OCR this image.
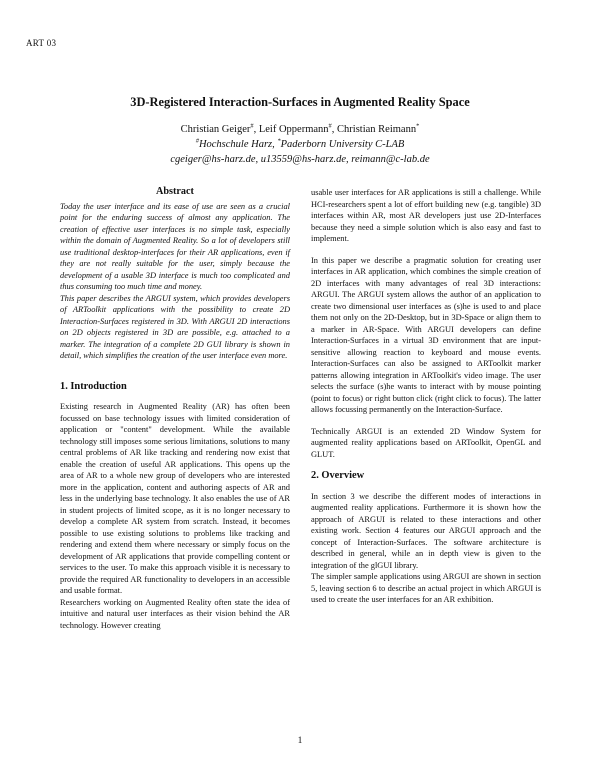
ART 03
3D-Registered Interaction-Surfaces in Augmented Reality Space
Christian Geiger#, Leif Oppermann#, Christian Reimann*
#Hochschule Harz, *Paderborn University C-LAB
cgeiger@hs-harz.de, u13559@hs-harz.de, reimann@c-lab.de
Abstract

Today the user interface and its ease of use are seen as a crucial point for the enduring success of almost any application. The creation of effective user interfaces is no simple task, especially within the domain of Augmented Reality. So a lot of developers still use traditional desktop-interfaces for their AR applications, even if they are not really suitable for the user, simply because the development of a usable 3D interface is much too complicated and thus consuming too much time and money.

This paper describes the ARGUI system, which provides developers of ARToolkit applications with the possibility to create 2D Interaction-Surfaces registered in 3D. With ARGUI 2D interactions on 2D objects registered in 3D are possible, e.g. attached to a marker. The integration of a complete 2D GUI library is shown in detail, which simplifies the creation of the user interface even more.

1. Introduction

Existing research in Augmented Reality (AR) has often been focussed on base technology issues with limited consideration of application or "content" development. While the available technology still imposes some serious limitations, solutions to many central problems of AR like tracking and rendering now exist that enable the creation of useful AR applications. This opens up the area of AR to a whole new group of developers who are interested more in the application, content and authoring aspects of AR and less in the underlying base technology. It also enables the use of AR in student projects of limited scope, as it is no longer necessary to develop a complete AR system from scratch. Instead, it becomes possible to use existing solutions to problems like tracking and rendering and extend them where necessary or simply focus on the development of AR applications that provide compelling content or services to the user. To make this approach visible it is necessary to provide the required AR functionality to developers in an accessible and usable format.

Researchers working on Augmented Reality often state the idea of intuitive and natural user interfaces as their vision behind the AR technology. However creating

usable user interfaces for AR applications is still a challenge. While HCI-researchers spent a lot of effort building new (e.g. tangible) 3D interfaces within AR, most AR developers just use 2D-Interfaces because they need a simple solution which is also easy and fast to implement.

In this paper we describe a pragmatic solution for creating user interfaces in AR application, which combines the simple creation of 2D interfaces with many advantages of real 3D interactions: ARGUI. The ARGUI system allows the author of an application to create two dimensional user interfaces as (s)he is used to and place them not only on the 2D-Desktop, but in 3D-Space or align them to a marker in AR-Space. With ARGUI developers can define Interaction-Surfaces in a virtual 3D environment that are input-sensitive allowing reaction to keyboard and mouse events. Interaction-Surfaces can also be assigned to ARToolkit marker patterns allowing integration in ARToolkit's video image. The user selects the surface (s)he wants to interact with by mouse pointing (point to focus) or right button click (right click to focus). The latter allows focussing permanently on the Interaction-Surface.

Technically ARGUI is an extended 2D Window System for augmented reality applications based on ARToolkit, OpenGL and GLUT.

2. Overview

In section 3 we describe the different modes of interactions in augmented reality applications. Furthermore it is shown how the approach of ARGUI is related to these interactions and other existing work. Section 4 features our ARGUI approach and the concept of Interaction-Surfaces. The software architecture is described in general, while an in depth view is given to the integration of the glGUI library.

The simpler sample applications using ARGUI are shown in section 5, leaving section 6 to describe an actual project in which ARGUI is used to create the user interfaces for an AR exhibition.

1
